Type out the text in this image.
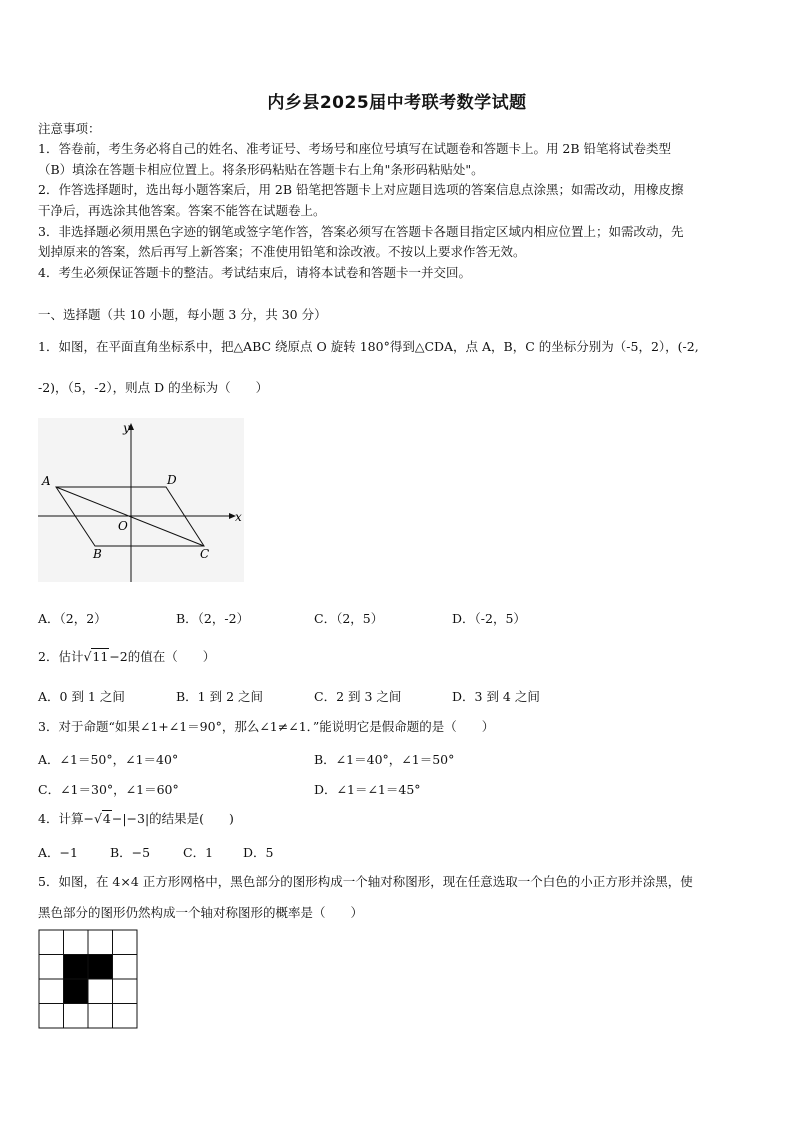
内乡县2025届中考联考数学试题
注意事项：
1．答卷前，考生务必将自己的姓名、准考证号、考场号和座位号填写在试题卷和答题卡上。用 2B 铅笔将试卷类型
（B）填涂在答题卡相应位置上。将条形码粘贴在答题卡右上角"条形码粘贴处"。
2．作答选择题时，选出每小题答案后，用 2B 铅笔把答题卡上对应题目选项的答案信息点涂黑；如需改动，用橡皮擦
干净后，再选涂其他答案。答案不能答在试题卷上。
3．非选择题必须用黑色字迹的钢笔或签字笔作答，答案必须写在答题卡各题目指定区域内相应位置上；如需改动，先
划掉原来的答案，然后再写上新答案；不准使用铅笔和涂改液。不按以上要求作答无效。
4．考生必须保证答题卡的整洁。考试结束后，请将本试卷和答题卡一并交回。
一、选择题（共 10 小题，每小题 3 分，共 30 分）
1．如图，在平面直角坐标系中，把△ABC 绕原点 O 旋转 180°得到△CDA，点 A，B，C 的坐标分别为（-5，2），(-2,
-2)，（5，-2），则点 D 的坐标为（　　）
y
x
A	D
O
B	C
A．（2，2）	B．（2，-2）	C．（2，5）	D．（-2，5）
2．估计√11−2的值在（　　）
A．0 到 1 之间	B．1 到 2 之间	C．2 到 3 之间	D．3 到 4 之间
3．对于命题“如果∠1+∠1＝90°，那么∠1≠∠1．”能说明它是假命题的是（　　）
A．∠1＝50°，∠1＝40°	B．∠1＝40°，∠1＝50°
C．∠1＝30°，∠1＝60°	D．∠1＝∠1＝45°
4．计算−√4−|−3|的结果是(　　)
A．−1	B．−5	C．1 D．5
5．如图，在 4×4 正方形网格中，黑色部分的图形构成一个轴对称图形，现在任意选取一个白色的小正方形并涂黑，使
黑色部分的图形仍然构成一个轴对称图形的概率是（　　）
